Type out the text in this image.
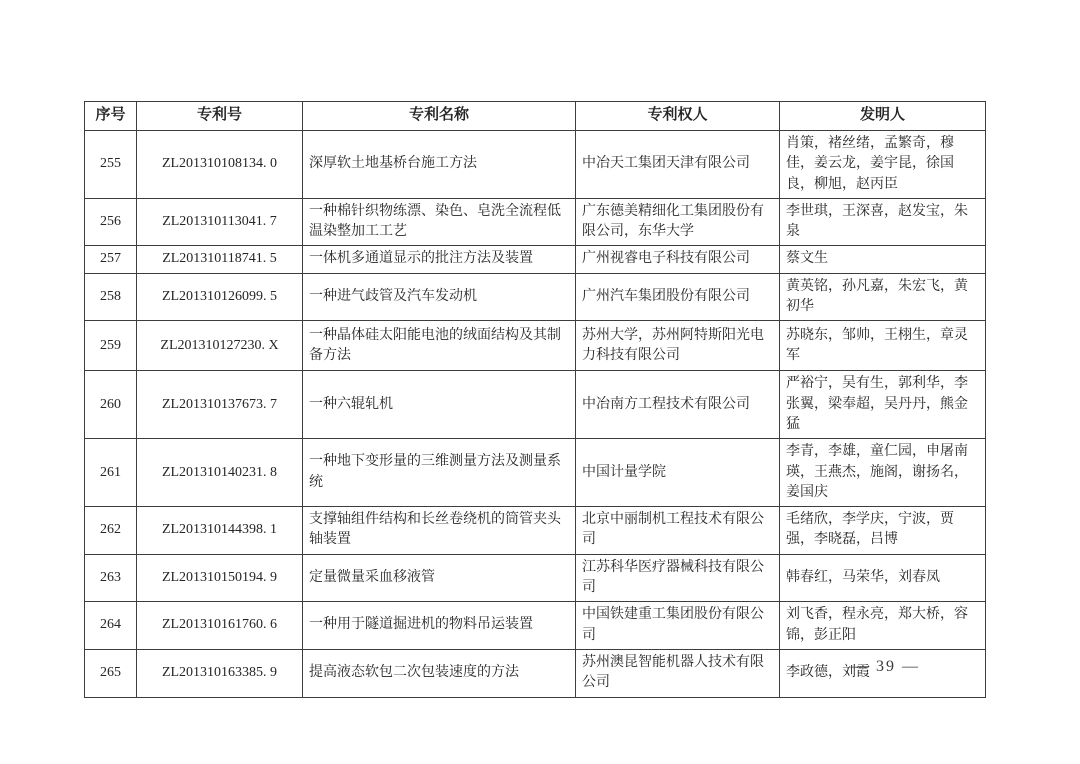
序号	专利号	专利名称	专利权人	发明人
255	ZL201310108134. 0	深厚软土地基桥台施工方法	中冶天工集团天津有限公司	肖策，褚丝绪，孟繁奇，穆佳，姜云龙，姜宇昆，徐国良，柳旭，赵丙臣
256	ZL201310113041. 7	一种棉针织物练漂、染色、皂洗全流程低温染整加工工艺	广东德美精细化工集团股份有限公司，东华大学	李世琪，王深喜，赵发宝，朱泉
257	ZL201310118741. 5	一体机多通道显示的批注方法及装置	广州视睿电子科技有限公司	蔡文生
258	ZL201310126099. 5	一种进气歧管及汽车发动机	广州汽车集团股份有限公司	黄英铭，孙凡嘉，朱宏飞，黄初华
259	ZL201310127230. X	一种晶体硅太阳能电池的绒面结构及其制备方法	苏州大学，苏州阿特斯阳光电力科技有限公司	苏晓东，邹帅，王栩生，章灵军
260	ZL201310137673. 7	一种六辊轧机	中冶南方工程技术有限公司	严裕宁，吴有生，郭利华，李张翼，梁奉超，吴丹丹，熊金猛
261	ZL201310140231. 8	一种地下变形量的三维测量方法及测量系统	中国计量学院	李青，李雄，童仁园，申屠南瑛，王燕杰，施阁，谢扬名，姜国庆
262	ZL201310144398. 1	支撑轴组件结构和长丝卷绕机的筒管夹头轴装置	北京中丽制机工程技术有限公司	毛绪欣，李学庆，宁波，贾强，李晓磊，吕博
263	ZL201310150194. 9	定量微量采血移液管	江苏科华医疗器械科技有限公司	韩春红，马荣华，刘春凤
264	ZL201310161760. 6	一种用于隧道掘进机的物料吊运装置	中国铁建重工集团股份有限公司	刘飞香，程永亮，郑大桥，容锦，彭正阳
265	ZL201310163385. 9	提高液态软包二次包装速度的方法	苏州澳昆智能机器人技术有限公司	李政德，刘霞
— 39 —
